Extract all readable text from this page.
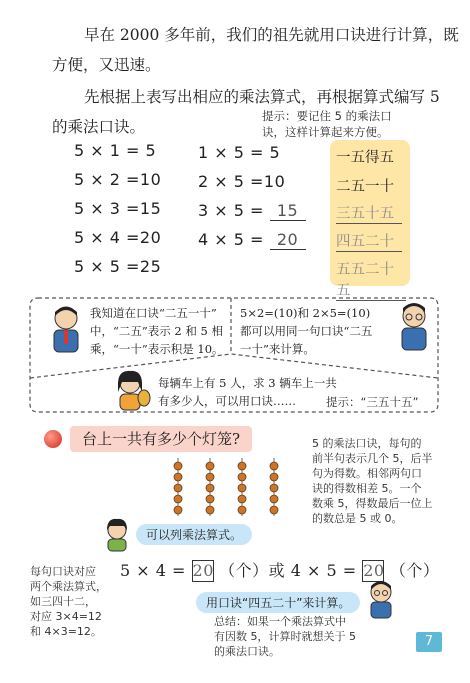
早在 2000 多年前，我们的祖先就用口诀进行计算，既
方便，又迅速。
先根据上表写出相应的乘法算式，再根据算式编写 5
的乘法口诀。
提示：要记住 5 的乘法口
诀，这样计算起来方便。
5 × 1 = 5
5 × 2 =10
5 × 3 =15
5 × 4 =20
5 × 5 =25
1 × 5 = 5
2 × 5 =10
3 × 5 = 15
4 × 5 = 20
一五得五
二五一十
三五十五
四五二十
五五二十五
我知道在口诀“二五一十”
中，“二五”表示 2 和 5 相
乘，“一十”表示积是 10。
5×2=(10)和 2×5=(10)
都可以用同一句口诀“二五
一十”来计算。
每辆车上有 5 人，求 3 辆车上一共
有多少人，可以用口诀……	提示：“三五十五”
台上一共有多少个灯笼?	5 的乘法口诀，每句的
前半句表示几个 5，后半
句为得数。相邻两句口
诀的得数相差 5。一个
数乘 5，得数最后一位上
的数总是 5 或 0。
可以列乘法算式。
每句口诀对应
两个乘法算式，
如三四十二，
对应 3×4=12
和 4×3=12。
5 × 4 = 20 （个）或 4 × 5 = 20 （个）
用口诀“四五二十”来计算。
总结：如果一个乘法算式中
有因数 5，计算时就想关于 5
的乘法口诀。
7
